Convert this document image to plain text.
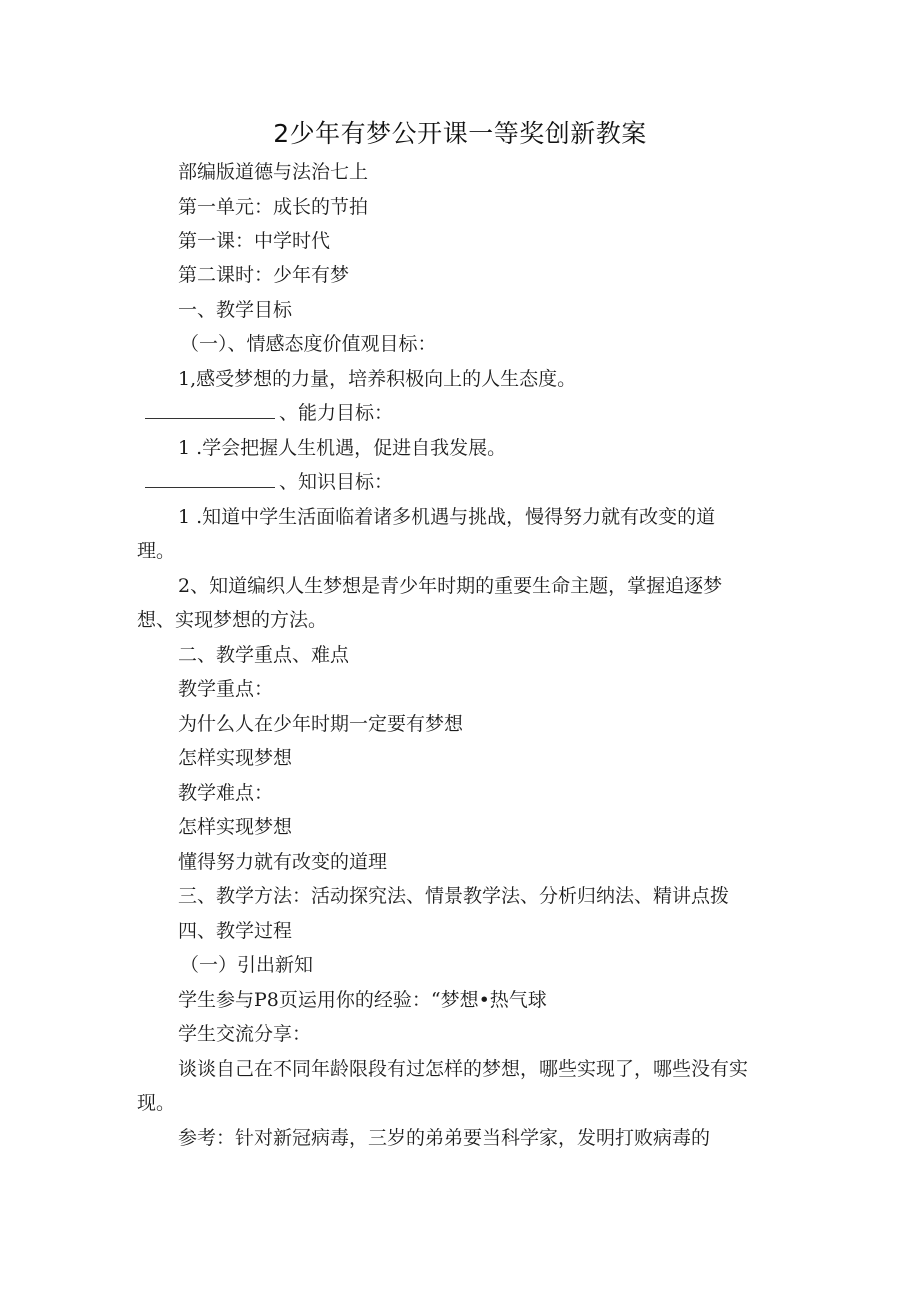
2少年有梦公开课一等奖创新教案
部编版道德与法治七上
第一单元：成长的节拍
第一课：中学时代
第二课时：少年有梦
一、教学目标
（一）、情感态度价值观目标：
1,感受梦想的力量，培养积极向上的人生态度。
、能力目标：
1 .学会把握人生机遇，促进自我发展。
、知识目标：
1 .知道中学生活面临着诸多机遇与挑战，慢得努力就有改变的道
理。
2、知道编织人生梦想是青少年时期的重要生命主题，掌握追逐梦
想、实现梦想的方法。
二、教学重点、难点
教学重点：
为什么人在少年时期一定要有梦想
怎样实现梦想
教学难点：
怎样实现梦想
懂得努力就有改变的道理
三、教学方法：活动探究法、情景教学法、分析归纳法、精讲点拨
四、教学过程
（一）引出新知
学生参与P8页运用你的经验：“梦想•热气球
学生交流分享：
谈谈自己在不同年龄限段有过怎样的梦想，哪些实现了，哪些没有实
现。
参考：针对新冠病毒，三岁的弟弟要当科学家，发明打败病毒的
